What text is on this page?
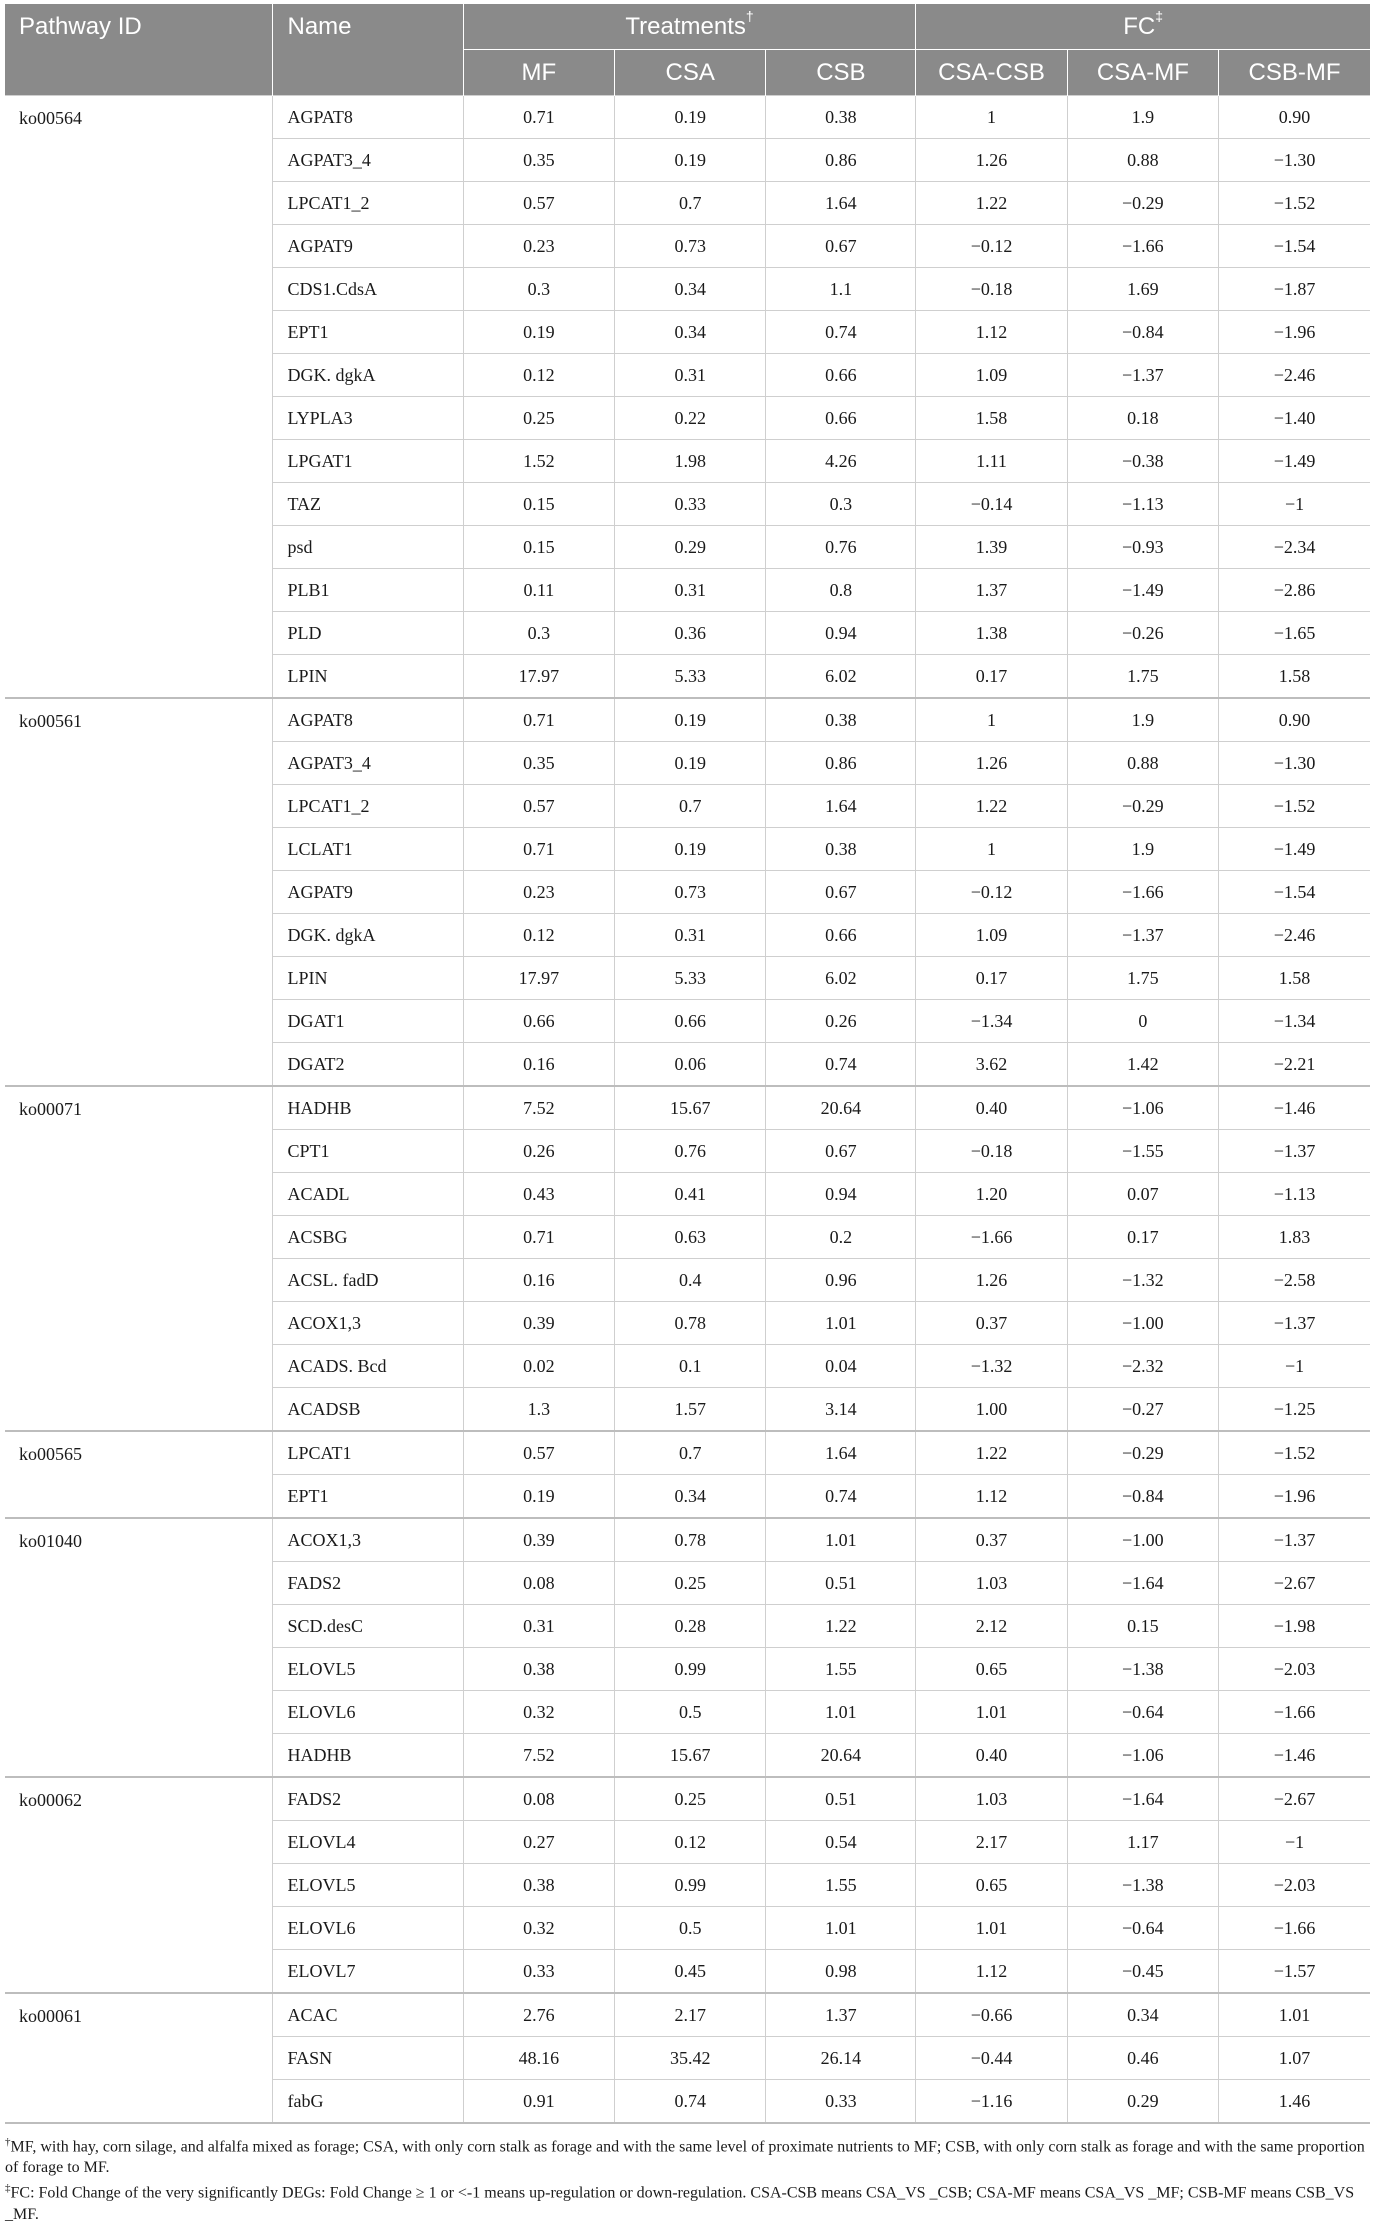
Pathway ID	Name	Treatments†			FC‡
		MF	CSA	CSB	CSA-CSB	CSA-MF	CSB-MF
ko00564	AGPAT8	0.71	0.19	0.38	1	1.9	0.90
	AGPAT3_4	0.35	0.19	0.86	1.26	0.88	−1.30
	LPCAT1_2	0.57	0.7	1.64	1.22	−0.29	−1.52
	AGPAT9	0.23	0.73	0.67	−0.12	−1.66	−1.54
	CDS1.CdsA	0.3	0.34	1.1	−0.18	1.69	−1.87
	EPT1	0.19	0.34	0.74	1.12	−0.84	−1.96
	DGK. dgkA	0.12	0.31	0.66	1.09	−1.37	−2.46
	LYPLA3	0.25	0.22	0.66	1.58	0.18	−1.40
	LPGAT1	1.52	1.98	4.26	1.11	−0.38	−1.49
	TAZ	0.15	0.33	0.3	−0.14	−1.13	−1
	psd	0.15	0.29	0.76	1.39	−0.93	−2.34
	PLB1	0.11	0.31	0.8	1.37	−1.49	−2.86
	PLD	0.3	0.36	0.94	1.38	−0.26	−1.65
	LPIN	17.97	5.33	6.02	0.17	1.75	1.58
ko00561	AGPAT8	0.71	0.19	0.38	1	1.9	0.90
	AGPAT3_4	0.35	0.19	0.86	1.26	0.88	−1.30
	LPCAT1_2	0.57	0.7	1.64	1.22	−0.29	−1.52
	LCLAT1	0.71	0.19	0.38	1	1.9	−1.49
	AGPAT9	0.23	0.73	0.67	−0.12	−1.66	−1.54
	DGK. dgkA	0.12	0.31	0.66	1.09	−1.37	−2.46
	LPIN	17.97	5.33	6.02	0.17	1.75	1.58
	DGAT1	0.66	0.66	0.26	−1.34	0	−1.34
	DGAT2	0.16	0.06	0.74	3.62	1.42	−2.21
ko00071	HADHB	7.52	15.67	20.64	0.40	−1.06	−1.46
	CPT1	0.26	0.76	0.67	−0.18	−1.55	−1.37
	ACADL	0.43	0.41	0.94	1.20	0.07	−1.13
	ACSBG	0.71	0.63	0.2	−1.66	0.17	1.83
	ACSL. fadD	0.16	0.4	0.96	1.26	−1.32	−2.58
	ACOX1,3	0.39	0.78	1.01	0.37	−1.00	−1.37
	ACADS. Bcd	0.02	0.1	0.04	−1.32	−2.32	−1
	ACADSB	1.3	1.57	3.14	1.00	−0.27	−1.25
ko00565	LPCAT1	0.57	0.7	1.64	1.22	−0.29	−1.52
	EPT1	0.19	0.34	0.74	1.12	−0.84	−1.96
ko01040	ACOX1,3	0.39	0.78	1.01	0.37	−1.00	−1.37
	FADS2	0.08	0.25	0.51	1.03	−1.64	−2.67
	SCD.desC	0.31	0.28	1.22	2.12	0.15	−1.98
	ELOVL5	0.38	0.99	1.55	0.65	−1.38	−2.03
	ELOVL6	0.32	0.5	1.01	1.01	−0.64	−1.66
	HADHB	7.52	15.67	20.64	0.40	−1.06	−1.46
ko00062	FADS2	0.08	0.25	0.51	1.03	−1.64	−2.67
	ELOVL4	0.27	0.12	0.54	2.17	1.17	−1
	ELOVL5	0.38	0.99	1.55	0.65	−1.38	−2.03
	ELOVL6	0.32	0.5	1.01	1.01	−0.64	−1.66
	ELOVL7	0.33	0.45	0.98	1.12	−0.45	−1.57
ko00061	ACAC	2.76	2.17	1.37	−0.66	0.34	1.01
	FASN	48.16	35.42	26.14	−0.44	0.46	1.07
	fabG	0.91	0.74	0.33	−1.16	0.29	1.46

†MF, with hay, corn silage, and alfalfa mixed as forage; CSA, with only corn stalk as forage and with the same level of proximate nutrients to MF; CSB, with only corn stalk as forage and with the same proportion of forage to MF.

‡FC: Fold Change of the very significantly DEGs: Fold Change ≥ 1 or <-1 means up-regulation or down-regulation. CSA-CSB means CSA_VS _CSB; CSA-MF means CSA_VS _MF; CSB-MF means CSB_VS _MF.
